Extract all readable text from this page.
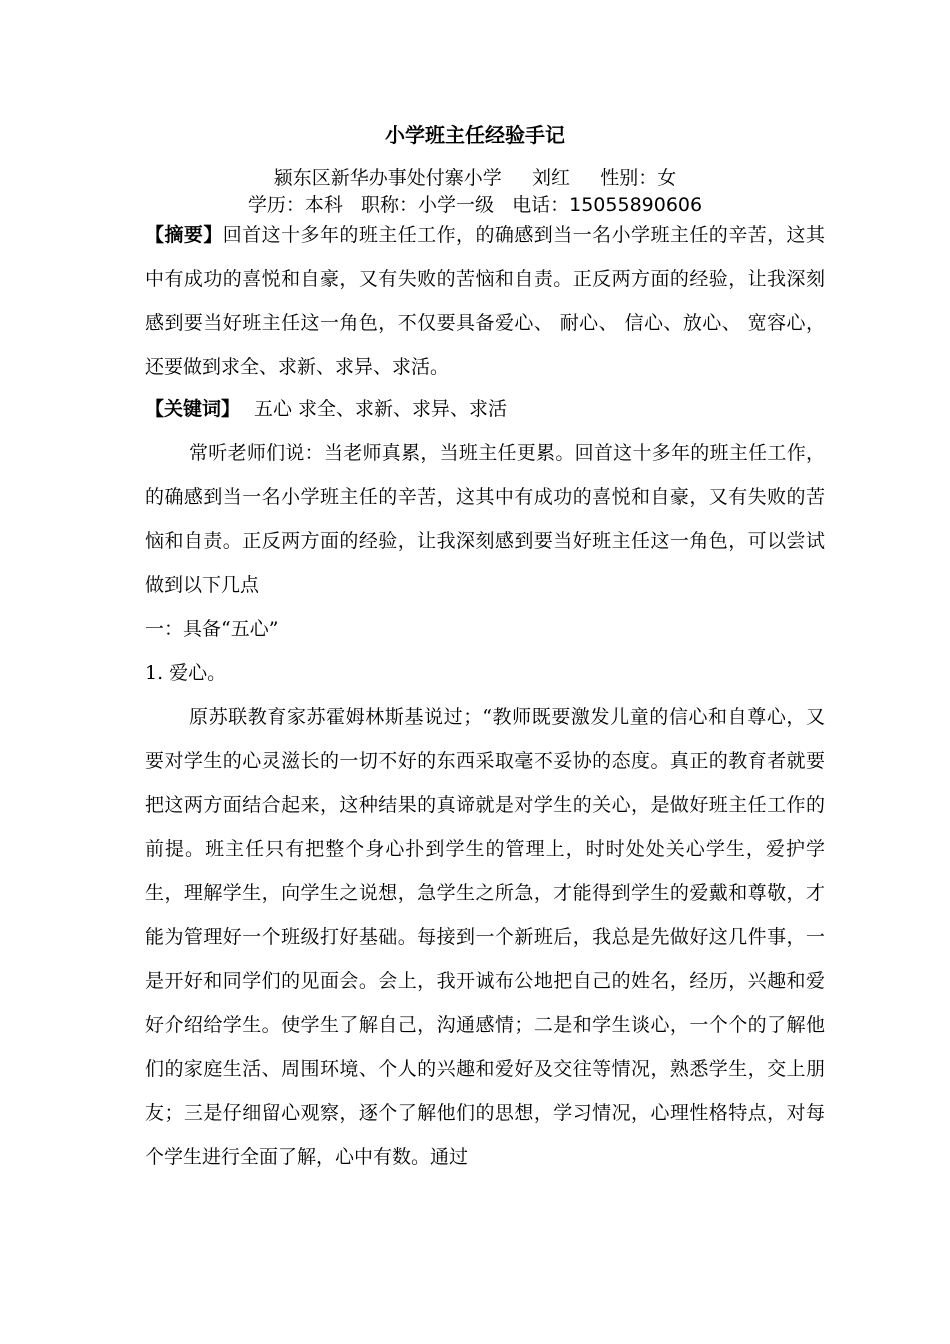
小学班主任经验手记
颍东区新华办事处付寨小学     刘红     性别：女
学历：本科   职称：小学一级   电话：15055890606
【摘要】回首这十多年的班主任工作，的确感到当一名小学班主任的辛苦，这其中有成功的喜悦和自豪，又有失败的苦恼和自责。正反两方面的经验，让我深刻感到要当好班主任这一角色，不仅要具备爱心、 耐心、 信心、放心、 宽容心，还要做到求全、求新、求异、求活。
【关键词】 五心 求全、求新、求异、求活
常听老师们说：当老师真累，当班主任更累。回首这十多年的班主任工作，的确感到当一名小学班主任的辛苦，这其中有成功的喜悦和自豪，又有失败的苦恼和自责。正反两方面的经验，让我深刻感到要当好班主任这一角色，可以尝试做到以下几点
一：具备“五心”
1. 爱心。
原苏联教育家苏霍姆林斯基说过；“教师既要激发儿童的信心和自尊心，又要对学生的心灵滋长的一切不好的东西采取毫不妥协的态度。真正的教育者就要把这两方面结合起来，这种结果的真谛就是对学生的关心，是做好班主任工作的前提。班主任只有把整个身心扑到学生的管理上，时时处处关心学生，爱护学生，理解学生，向学生之说想，急学生之所急，才能得到学生的爱戴和尊敬，才能为管理好一个班级打好基础。每接到一个新班后，我总是先做好这几件事，一是开好和同学们的见面会。会上，我开诚布公地把自己的姓名，经历，兴趣和爱好介绍给学生。使学生了解自己，沟通感情；二是和学生谈心，一个个的了解他们的家庭生活、周围环境、个人的兴趣和爱好及交往等情况，熟悉学生，交上朋友；三是仔细留心观察，逐个了解他们的思想，学习情况，心理性格特点，对每个学生进行全面了解，心中有数。通过
